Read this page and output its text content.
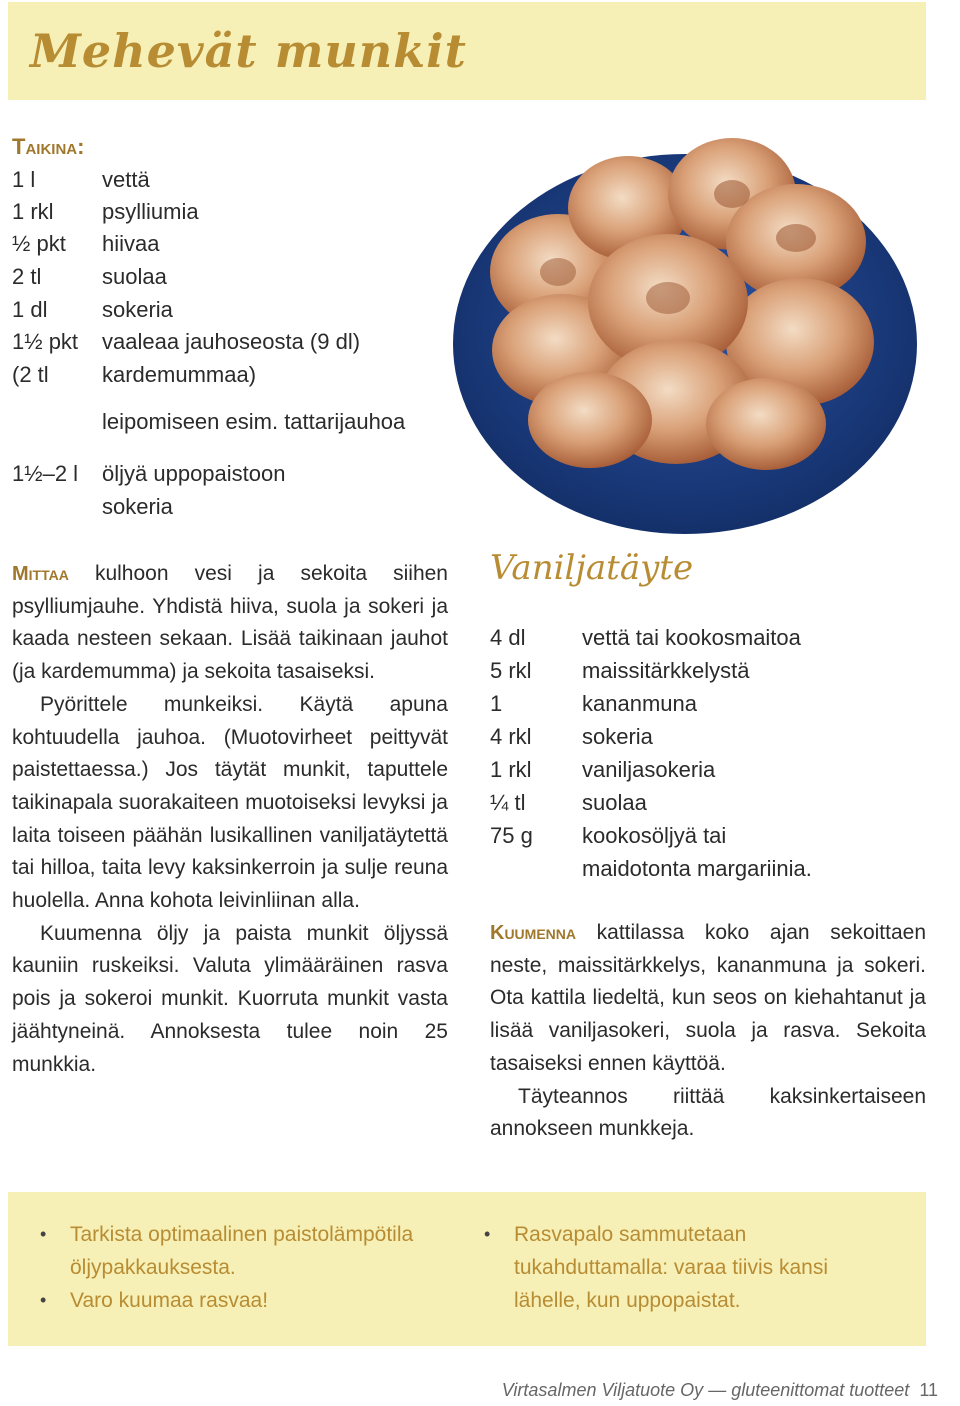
Mehevät munkit
Taikina:
1 l	vettä
1 rkl psylliumia
½ pkt hiivaa
2 tl	suolaa
1 dl sokeria
1½ pkt vaaleaa jauhoseosta (9 dl)
(2 tl kardemummaa)
leipomiseen esim. tattarijauhoa
1½–2 l öljyä uppopaistoon
sokeria

Mittaa kulhoon vesi ja sekoita siihen psylliumjauhe. Yhdistä hiiva, suola ja sokeri ja kaada nesteen sekaan. Lisää taikinaan jauhot (ja kardemumma) ja sekoita tasaiseksi.

Pyörittele munkeiksi. Käytä apuna kohtuudella jauhoa. (Muotovirheet peittyvät paistettaessa.) Jos täytät munkit, taputtele taikinapala suorakaiteen muotoiseksi levyksi ja laita toiseen päähän lusikallinen vaniljatäytettä tai hilloa, taita levy kaksinkerroin ja sulje reuna huolella. Anna kohota leivinliinan alla.

Kuumenna öljy ja paista munkit öljyssä kauniin ruskeiksi. Valuta ylimääräinen rasva pois ja sokeroi munkit. Kuorruta munkit vasta jäähtyneinä. Annoksesta tulee noin 25 munkkia.

Vaniljatäyte
4 dl	vettä tai kookosmaitoa
5 rkl maissitärkkelystä
1	kananmuna
4 rkl sokeria
1 rkl vaniljasokeria
¼ tl	suolaa
75 g kookosöljyä tai
maidotonta margariinia.

Kuumenna kattilassa koko ajan sekoittaen neste, maissitärkkelys, kananmuna ja sokeri. Ota kattila liedeltä, kun seos on kiehahtanut ja lisää vaniljasokeri, suola ja rasva. Sekoita tasaiseksi ennen käyttöä.

Täyteannos riittää kaksinkertaiseen annokseen munkkeja.

• Tarkista optimaalinen paistolämpötila öljypakkauksesta.
• Varo kuumaa rasvaa!
• Rasvapalo sammutetaan tukahduttamalla: varaa tiivis kansi lähelle, kun uppopaistat.
Virtasalmen Viljatuote Oy — gluteenittomat tuotteet 11
